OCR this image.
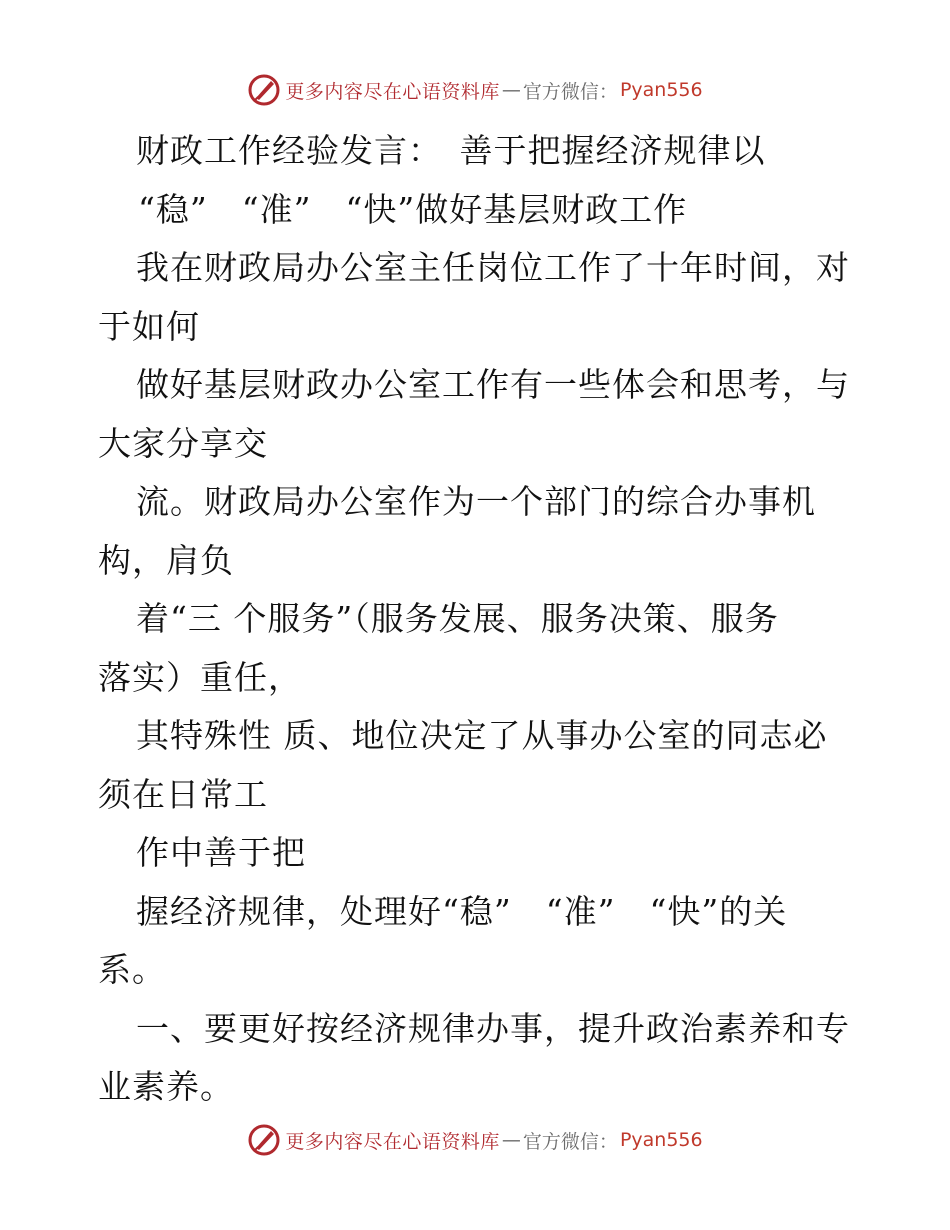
更多内容尽在心语资料库 — 官方微信： Pyan556
财政工作经验发言：　善于把握经济规律以
“稳”　“准”　“快”做好基层财政工作
我在财政局办公室主任岗位工作了十年时间，对
于如何
做好基层财政办公室工作有一些体会和思考，与
大家分享交
流。财政局办公室作为一个部门的综合办事机
构，肩负
着“三 个服务”（服务发展、服务决策、服务
落实）重任，
其特殊性 质、地位决定了从事办公室的同志必
须在日常工
作中善于把
握经济规律，处理好“稳”　“准”　“快”的关
系。
一、要更好按经济规律办事，提升政治素养和专
业素养。
更多内容尽在心语资料库 — 官方微信： Pyan556
